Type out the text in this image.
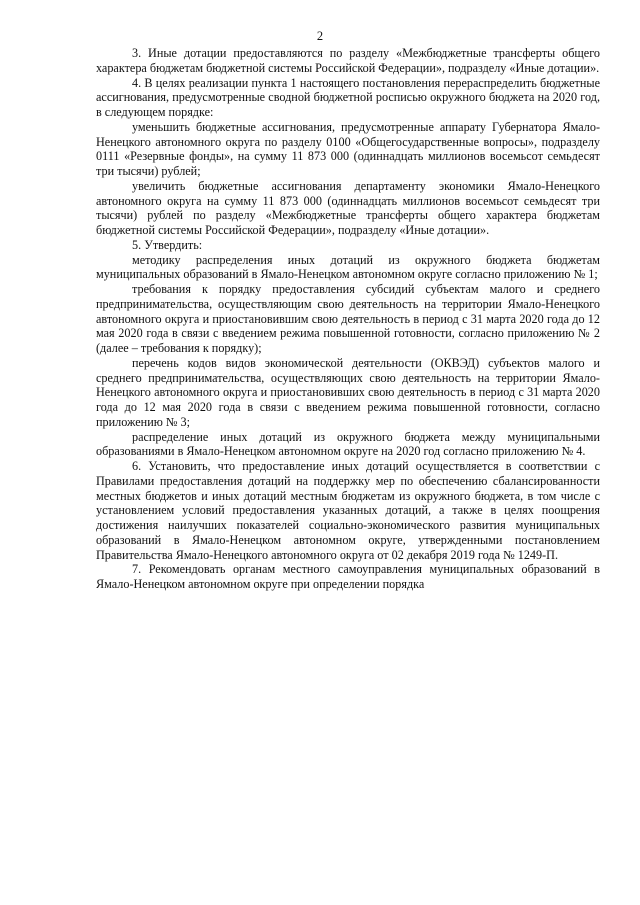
2

3. Иные дотации предоставляются по разделу «Межбюджетные трансферты общего характера бюджетам бюджетной системы Российской Федерации», подразделу «Иные дотации».

4. В целях реализации пункта 1 настоящего постановления перераспределить бюджетные ассигнования, предусмотренные сводной бюджетной росписью окружного бюджета на 2020 год, в следующем порядке:

уменьшить бюджетные ассигнования, предусмотренные аппарату Губернатора Ямало-Ненецкого автономного округа по разделу 0100 «Общегосударственные вопросы», подразделу 0111 «Резервные фонды», на сумму 11 873 000 (одиннадцать миллионов восемьсот семьдесят три тысячи) рублей;

увеличить бюджетные ассигнования департаменту экономики Ямало-Ненецкого автономного округа на сумму 11 873 000 (одиннадцать миллионов восемьсот семьдесят три тысячи) рублей по разделу «Межбюджетные трансферты общего характера бюджетам бюджетной системы Российской Федерации», подразделу «Иные дотации».

5. Утвердить:

методику распределения иных дотаций из окружного бюджета бюджетам муниципальных образований в Ямало-Ненецком автономном округе согласно приложению № 1;

требования к порядку предоставления субсидий субъектам малого и среднего предпринимательства, осуществляющим свою деятельность на территории Ямало-Ненецкого автономного округа и приостановившим свою деятельность в период с 31 марта 2020 года до 12 мая 2020 года в связи с введением режима повышенной готовности, согласно приложению № 2 (далее – требования к порядку);

перечень кодов видов экономической деятельности (ОКВЭД) субъектов малого и среднего предпринимательства, осуществляющих свою деятельность на территории Ямало-Ненецкого автономного округа и приостановивших свою деятельность в период с 31 марта 2020 года до 12 мая 2020 года в связи с введением режима повышенной готовности, согласно приложению № 3;

распределение иных дотаций из окружного бюджета между муниципальными образованиями в Ямало-Ненецком автономном округе на 2020 год согласно приложению № 4.

6. Установить, что предоставление иных дотаций осуществляется в соответствии с Правилами предоставления дотаций на поддержку мер по обеспечению сбалансированности местных бюджетов и иных дотаций местным бюджетам из окружного бюджета, в том числе с установлением условий предоставления указанных дотаций, а также в целях поощрения достижения наилучших показателей социально-экономического развития муниципальных образований в Ямало-Ненецком автономном округе, утвержденными постановлением Правительства Ямало-Ненецкого автономного округа от 02 декабря 2019 года № 1249-П.

7. Рекомендовать органам местного самоуправления муниципальных образований в Ямало-Ненецком автономном округе при определении порядка
